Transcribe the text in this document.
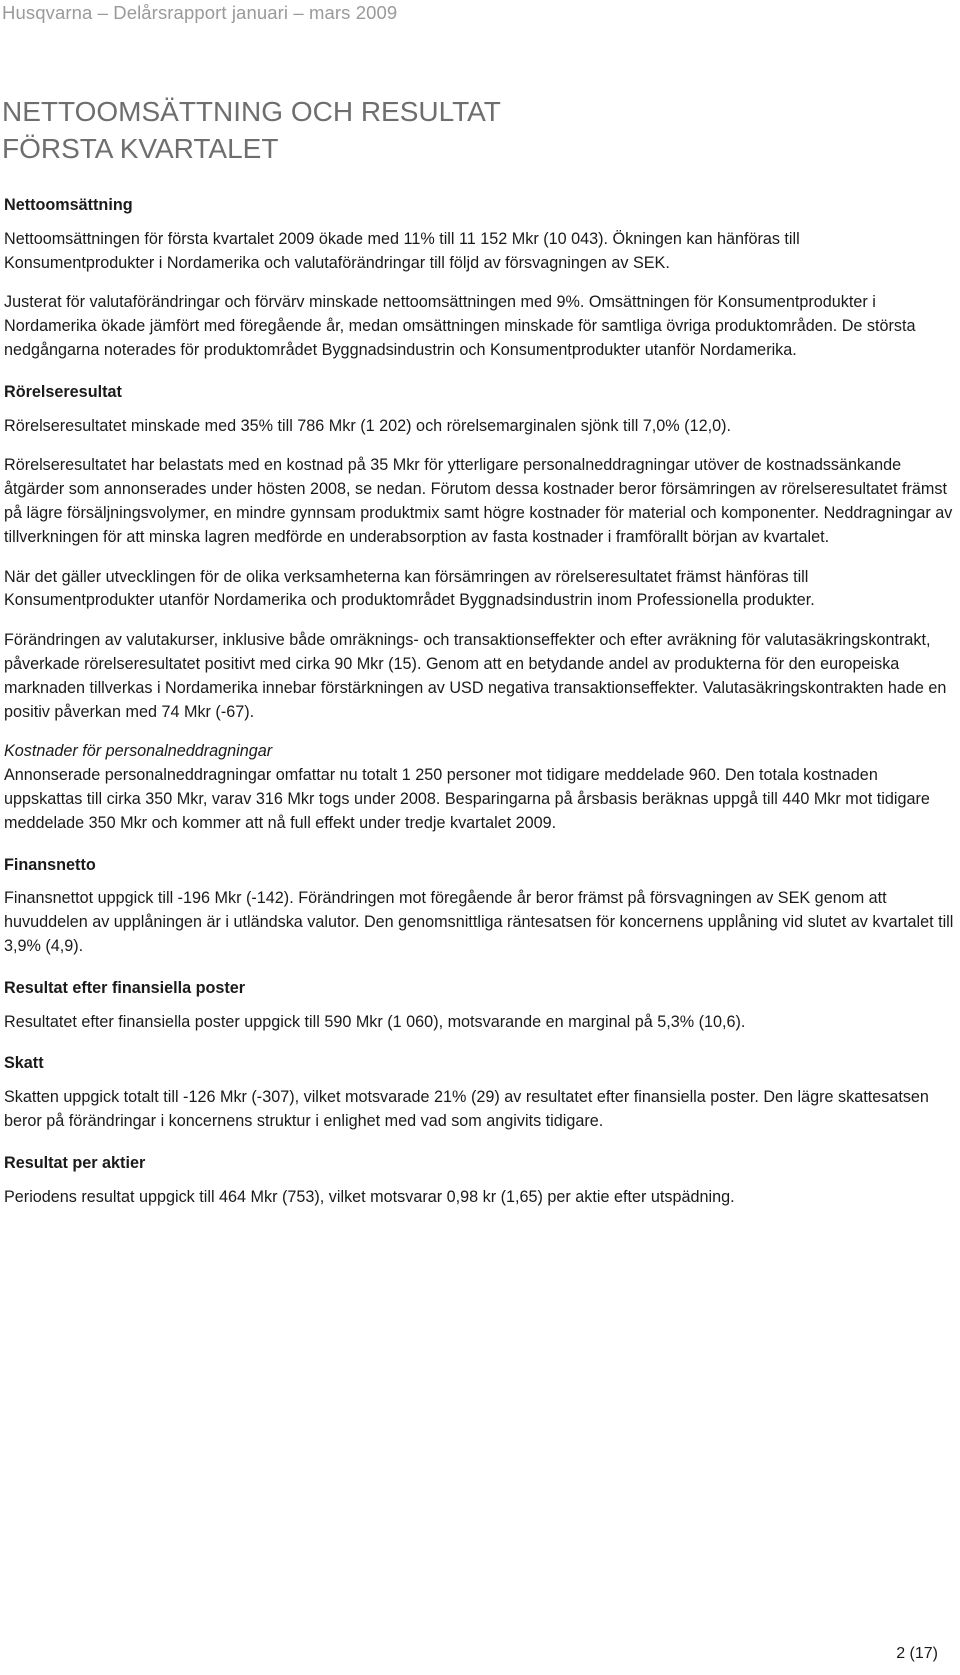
Husqvarna – Delårsrapport januari – mars 2009
NETTOOMSÄTTNING OCH RESULTAT
FÖRSTA KVARTALET
Nettoomsättning

Nettoomsättningen för första kvartalet 2009 ökade med 11% till 11 152 Mkr (10 043). Ökningen kan hänföras till Konsumentprodukter i Nordamerika och valutaförändringar till följd av försvagningen av SEK.

Justerat för valutaförändringar och förvärv minskade nettoomsättningen med 9%. Omsättningen för Konsumentprodukter i Nordamerika ökade jämfört med föregående år, medan omsättningen minskade för samtliga övriga produktområden. De största nedgångarna noterades för produktområdet Byggnadsindustrin och Konsumentprodukter utanför Nordamerika.

Rörelseresultat

Rörelseresultatet minskade med 35% till 786 Mkr (1 202) och rörelsemarginalen sjönk till 7,0% (12,0).

Rörelseresultatet har belastats med en kostnad på 35 Mkr för ytterligare personalneddragningar utöver de kostnadssänkande åtgärder som annonserades under hösten 2008, se nedan. Förutom dessa kostnader beror försämringen av rörelseresultatet främst på lägre försäljningsvolymer, en mindre gynnsam produktmix samt högre kostnader för material och komponenter. Neddragningar av tillverkningen för att minska lagren medförde en underabsorption av fasta kostnader i framförallt början av kvartalet.

När det gäller utvecklingen för de olika verksamheterna kan försämringen av rörelseresultatet främst hänföras till Konsumentprodukter utanför Nordamerika och produktområdet Byggnadsindustrin inom Professionella produkter.

Förändringen av valutakurser, inklusive både omräknings- och transaktionseffekter och efter avräkning för valutasäkringskontrakt, påverkade rörelseresultatet positivt med cirka 90 Mkr (15). Genom att en betydande andel av produkterna för den europeiska marknaden tillverkas i Nordamerika innebar förstärkningen av USD negativa transaktionseffekter. Valutasäkringskontrakten hade en positiv påverkan med 74 Mkr (-67).

Kostnader för personalneddragningar

Annonserade personalneddragningar omfattar nu totalt 1 250 personer mot tidigare meddelade 960. Den totala kostnaden uppskattas till cirka 350 Mkr, varav 316 Mkr togs under 2008. Besparingarna på årsbasis beräknas uppgå till 440 Mkr mot tidigare meddelade 350 Mkr och kommer att nå full effekt under tredje kvartalet 2009.

Finansnetto

Finansnettot uppgick till -196 Mkr (-142). Förändringen mot föregående år beror främst på försvagningen av SEK genom att huvuddelen av upplåningen är i utländska valutor. Den genomsnittliga räntesatsen för koncernens upplåning vid slutet av kvartalet till 3,9% (4,9).

Resultat efter finansiella poster

Resultatet efter finansiella poster uppgick till 590 Mkr (1 060), motsvarande en marginal på 5,3% (10,6).

Skatt

Skatten uppgick totalt till -126 Mkr (-307), vilket motsvarade 21% (29) av resultatet efter finansiella poster. Den lägre skattesatsen beror på förändringar i koncernens struktur i enlighet med vad som angivits tidigare.

Resultat per aktier

Periodens resultat uppgick till 464 Mkr (753), vilket motsvarar 0,98 kr (1,65) per aktie efter utspädning.

2 (17)
